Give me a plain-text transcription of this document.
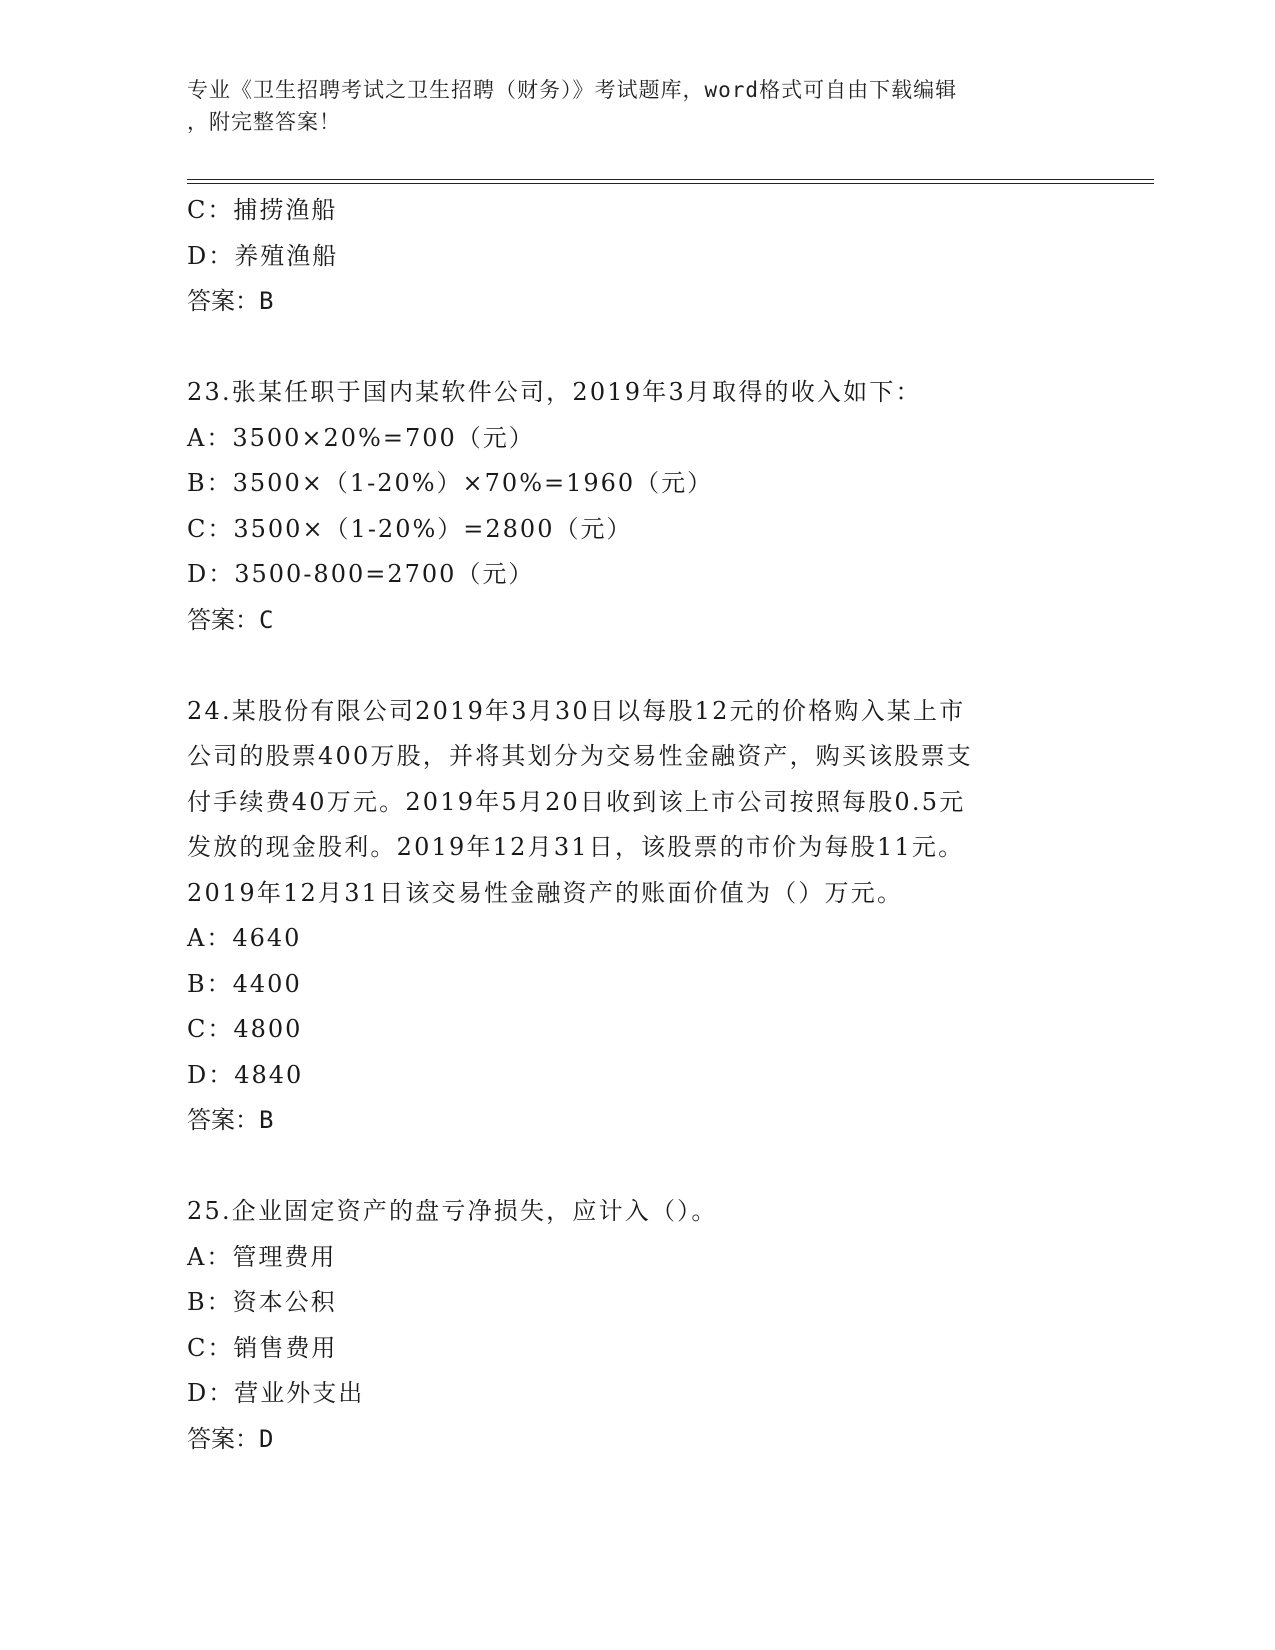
专业《卫生招聘考试之卫生招聘（财务）》考试题库，word格式可自由下载编辑
，附完整答案！
C：捕捞渔船
D：养殖渔船
答案：B
23.张某任职于国内某软件公司，2019年3月取得的收入如下：
A：3500×20%=700（元）
B：3500×（1-20%）×70%=1960（元）
C：3500×（1-20%）=2800（元）
D：3500-800=2700（元）
答案：C
24.某股份有限公司2019年3月30日以每股12元的价格购入某上市
公司的股票400万股，并将其划分为交易性金融资产，购买该股票支
付手续费40万元。2019年5月20日收到该上市公司按照每股0.5元
发放的现金股利。2019年12月31日，该股票的市价为每股11元。
2019年12月31日该交易性金融资产的账面价值为（）万元。
A：4640
B：4400
C：4800
D：4840
答案：B
25.企业固定资产的盘亏净损失，应计入（）。
A：管理费用
B：资本公积
C：销售费用
D：营业外支出
答案：D
